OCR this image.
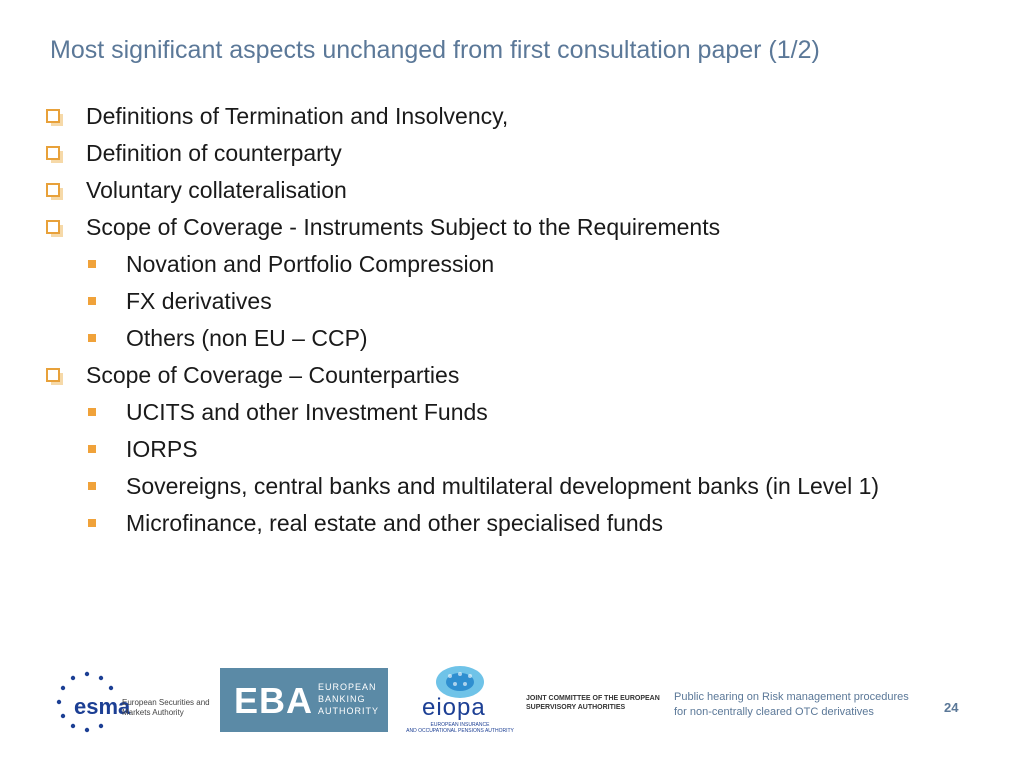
Most significant aspects unchanged from first consultation paper (1/2)
Definitions of Termination and Insolvency,
Definition of counterparty
Voluntary collateralisation
Scope of Coverage - Instruments Subject to the Requirements
Novation and Portfolio Compression
FX derivatives
Others (non EU – CCP)
Scope of Coverage – Counterparties
UCITS and other Investment Funds
IORPS
Sovereigns, central banks and multilateral development banks (in Level 1)
Microfinance, real estate and other specialised funds
esma
European Securities and
Markets Authority	EBA EUROPEAN
BANKING
AUTHORITY eiopa
EUROPEAN INSURANCE
AND OCCUPATIONAL PENSIONS AUTHORITY
JOINT COMMITTEE OF THE EUROPEAN
SUPERVISORY AUTHORITIES
Public hearing on Risk management procedures
for non-centrally cleared OTC derivatives	24
